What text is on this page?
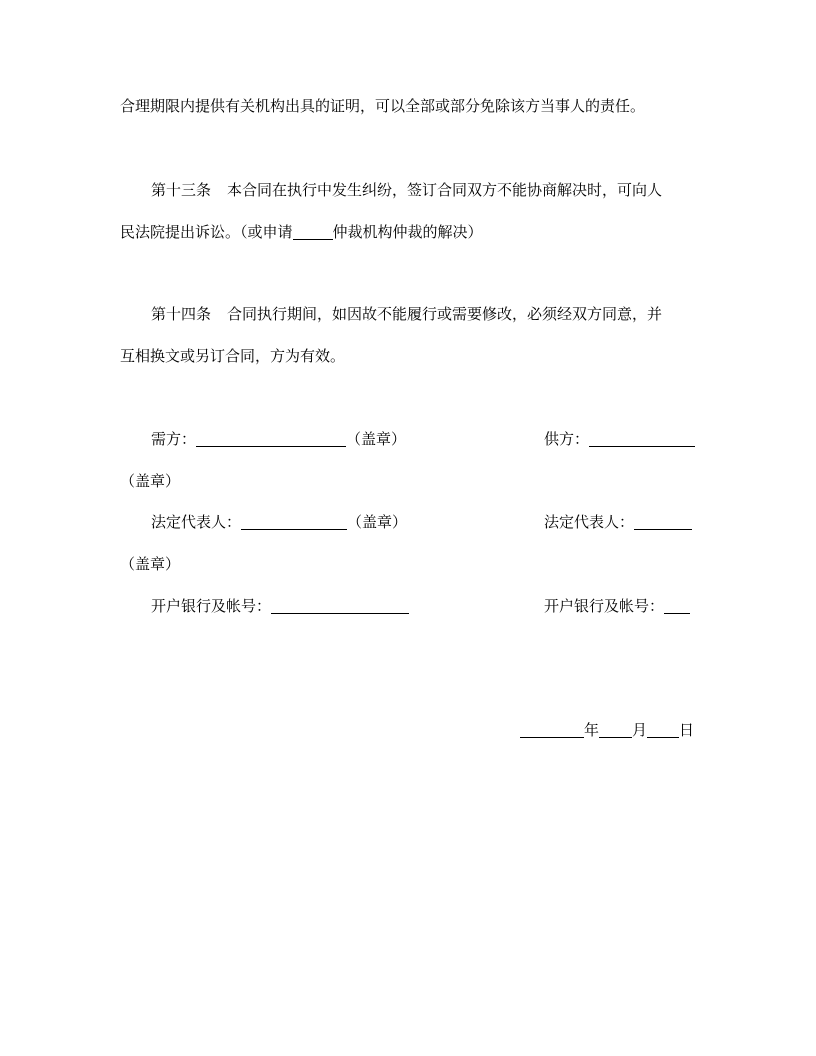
合理期限内提供有关机构出具的证明，可以全部或部分免除该方当事人的责任。
第十三条 本合同在执行中发生纠纷，签订合同双方不能协商解决时，可向人
民法院提出诉讼。（或申请	仲裁机构仲裁的解决）
第十四条 合同执行期间，如因故不能履行或需要修改，必须经双方同意，并
互相换文或另订合同，方为有效。
需方：	（盖章）	供方：
（盖章）
法定代表人：	（盖章）	法定代表人：
（盖章）
开户银行及帐号：	开户银行及帐号：
年 月 日
